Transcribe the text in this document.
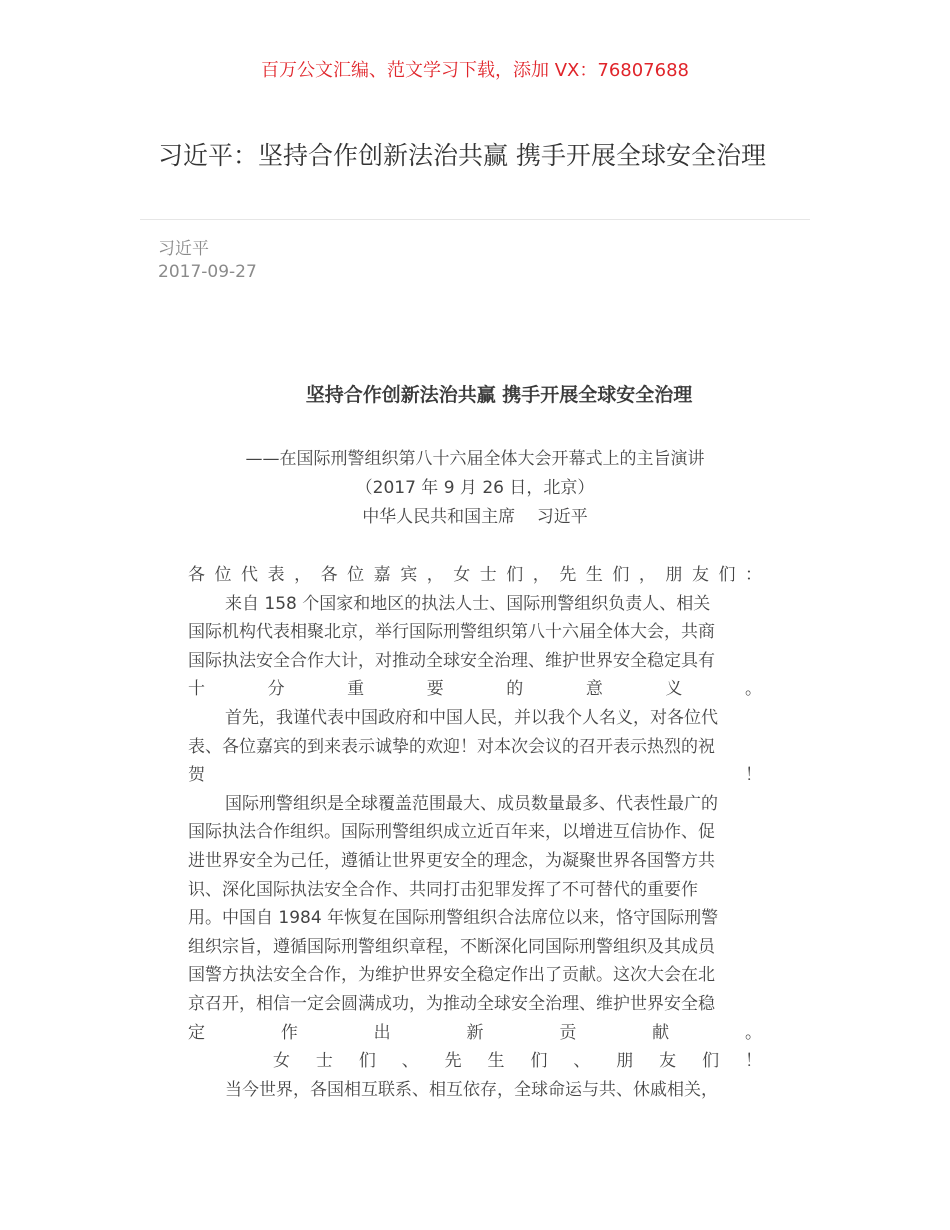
百万公文汇编、范文学习下载，添加 VX：76807688
习近平：坚持合作创新法治共赢 携手开展全球安全治理
习近平
2017-09-27
坚持合作创新法治共赢 携手开展全球安全治理
——在国际刑警组织第八十六届全体大会开幕式上的主旨演讲
（2017 年 9 月 26 日，北京）
中华人民共和国主席    习近平
各 位 代 表 ， 各 位 嘉 宾 ， 女 士 们 ， 先 生 们 ， 朋 友 们 ：
来自 158 个国家和地区的执法人士、国际刑警组织负责人、相关
国际机构代表相聚北京，举行国际刑警组织第八十六届全体大会，共商
国际执法安全合作大计，对推动全球安全治理、维护世界安全稳定具有
十 分 重 要 的 意 义 。
首先，我谨代表中国政府和中国人民，并以我个人名义，对各位代
表、各位嘉宾的到来表示诚挚的欢迎！对本次会议的召开表示热烈的祝
贺 ！
国际刑警组织是全球覆盖范围最大、成员数量最多、代表性最广的
国际执法合作组织。国际刑警组织成立近百年来，以增进互信协作、促
进世界安全为己任，遵循让世界更安全的理念，为凝聚世界各国警方共
识、深化国际执法安全合作、共同打击犯罪发挥了不可替代的重要作
用。中国自 1984 年恢复在国际刑警组织合法席位以来，恪守国际刑警
组织宗旨，遵循国际刑警组织章程，不断深化同国际刑警组织及其成员
国警方执法安全合作，为维护世界安全稳定作出了贡献。这次大会在北
京召开，相信一定会圆满成功，为推动全球安全治理、维护世界安全稳
定 作 出 新 贡 献 。
女 士 们 、 先 生 们 、 朋 友 们 ！
当今世界，各国相互联系、相互依存，全球命运与共、休戚相关，
